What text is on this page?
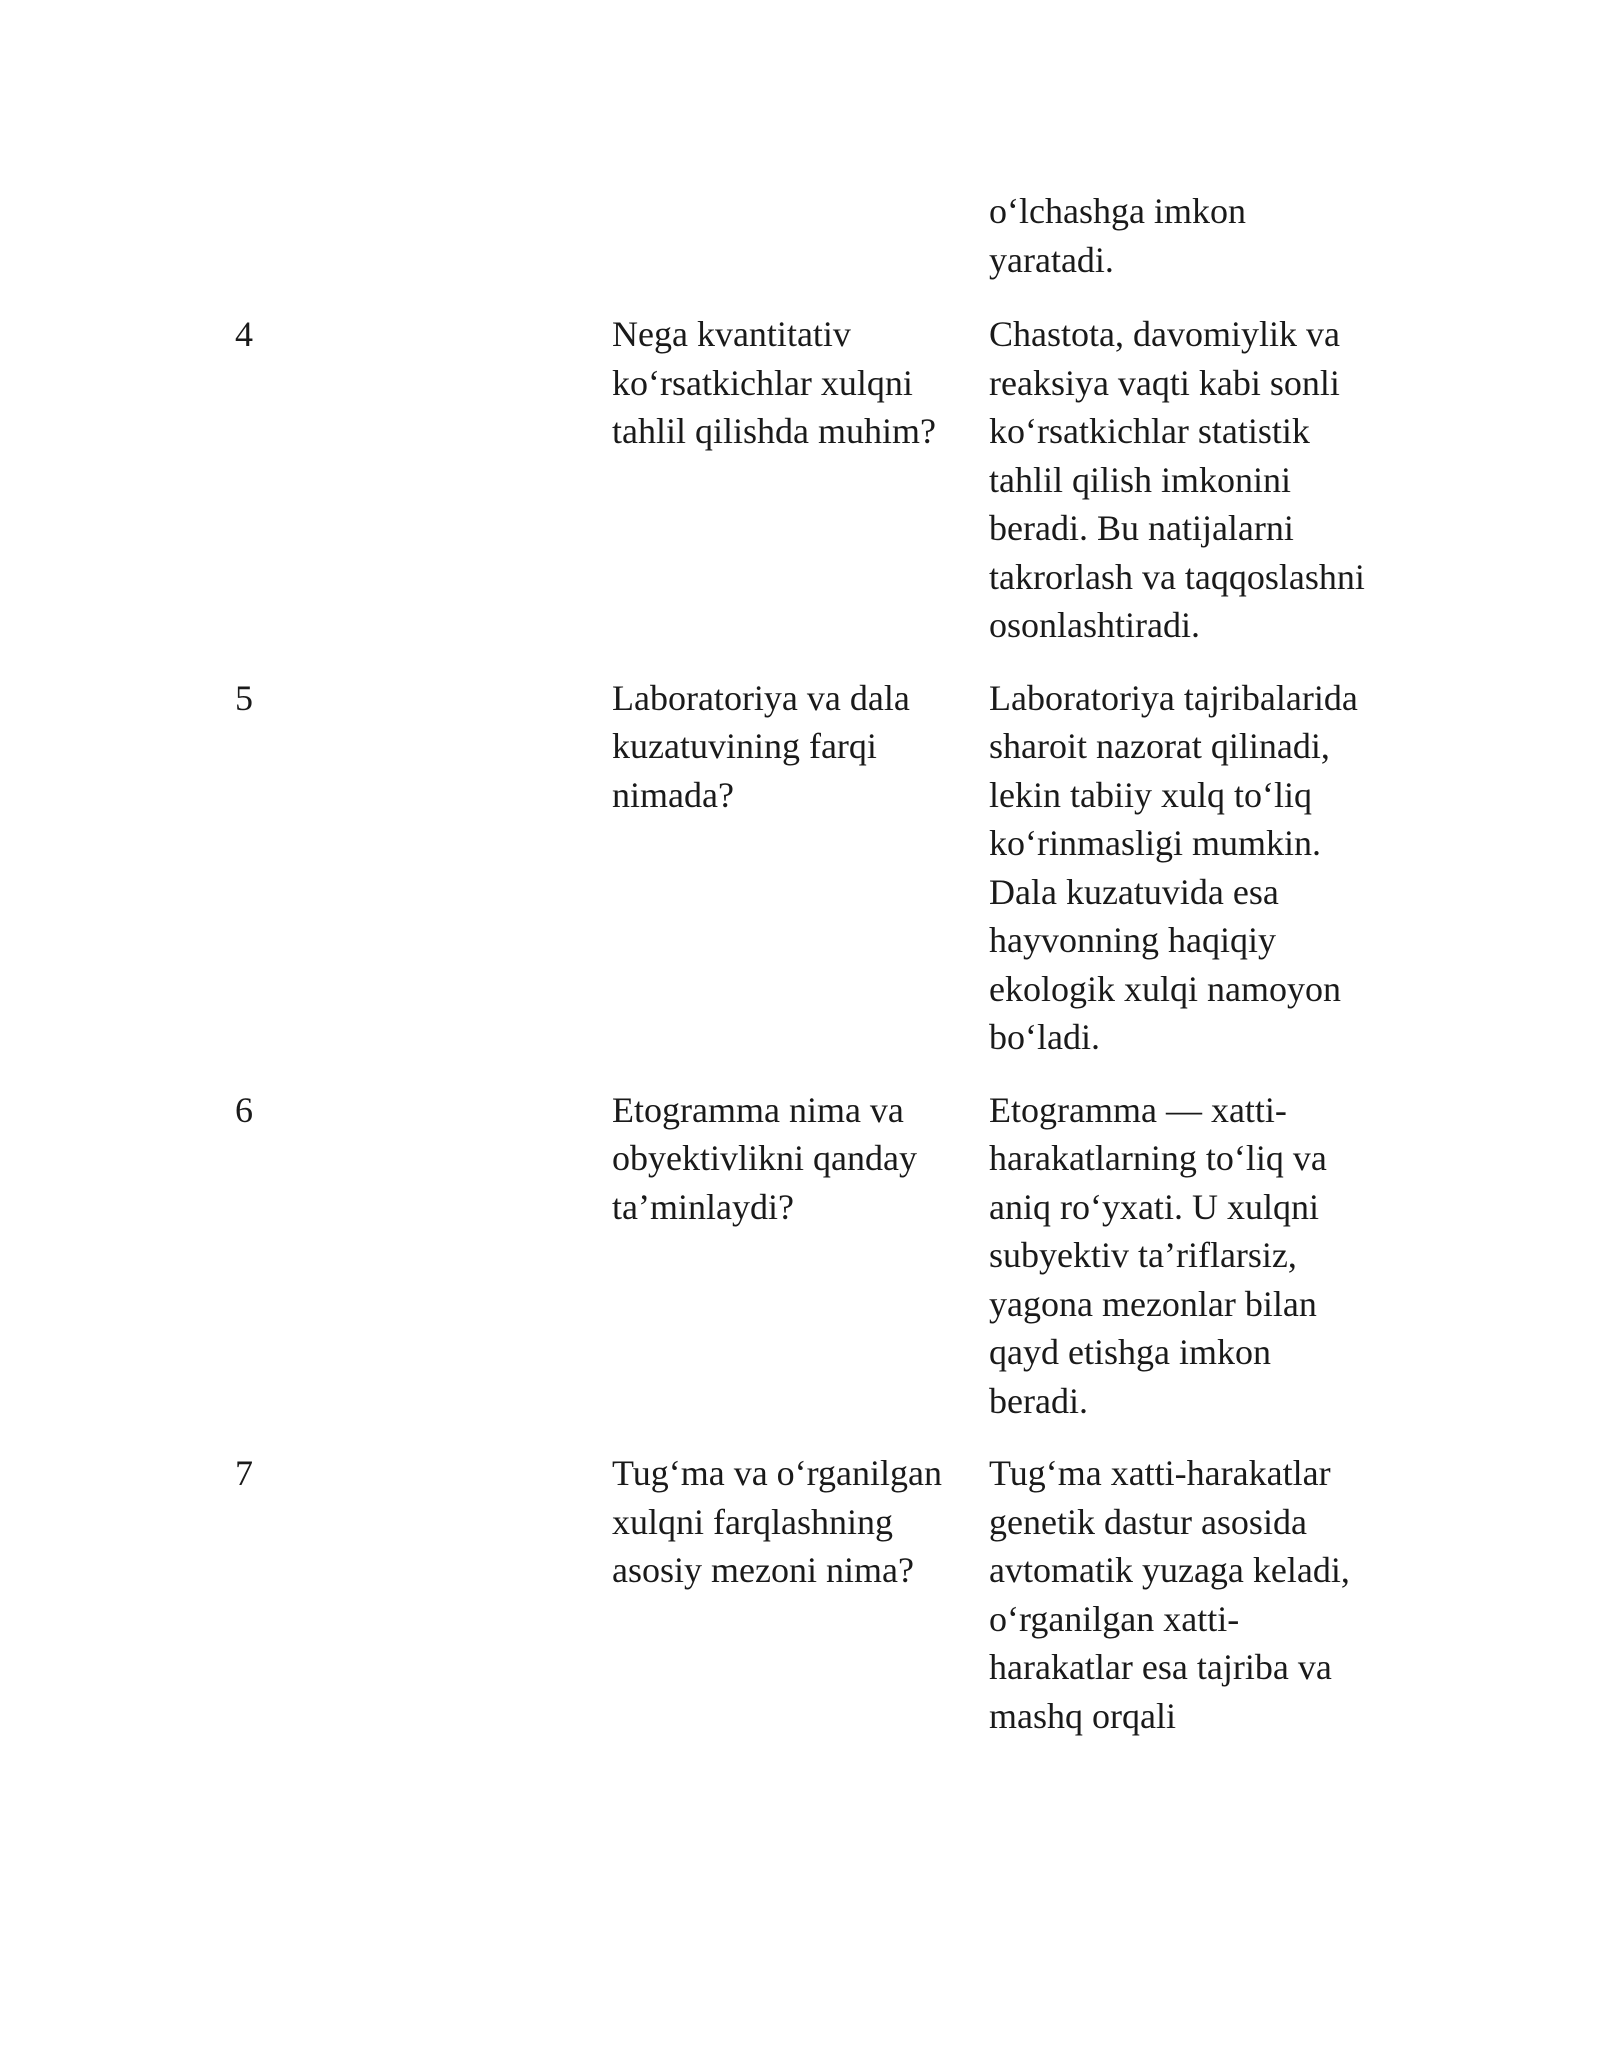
o‘lchashga imkon yaratadi.
4	Nega kvantitativ ko‘rsatkichlar xulqni tahlil qilishda muhim?	Chastota, davomiylik va reaksiya vaqti kabi sonli ko‘rsatkichlar statistik tahlil qilish imkonini beradi. Bu natijalarni takrorlash va taqqoslashni osonlashtiradi.

5	Laboratoriya va dala kuzatuvining farqi nimada?	Laboratoriya tajribalarida sharoit nazorat qilinadi, lekin tabiiy xulq to‘liq ko‘rinmasligi mumkin. Dala kuzatuvida esa hayvonning haqiqiy ekologik xulqi namoyon bo‘ladi.

6	Etogramma nima va obyektivlikni qanday ta’minlaydi?	Etogramma — xatti-harakatlarning to‘liq va aniq ro‘yxati. U xulqni subyektiv ta’riflarsiz, yagona mezonlar bilan qayd etishga imkon beradi.

7	Tug‘ma va o‘rganilgan xulqni farqlashning asosiy mezoni nima?	Tug‘ma xatti-harakatlar genetik dastur asosida avtomatik yuzaga keladi, o‘rganilgan xatti-harakatlar esa tajriba va mashq orqali
